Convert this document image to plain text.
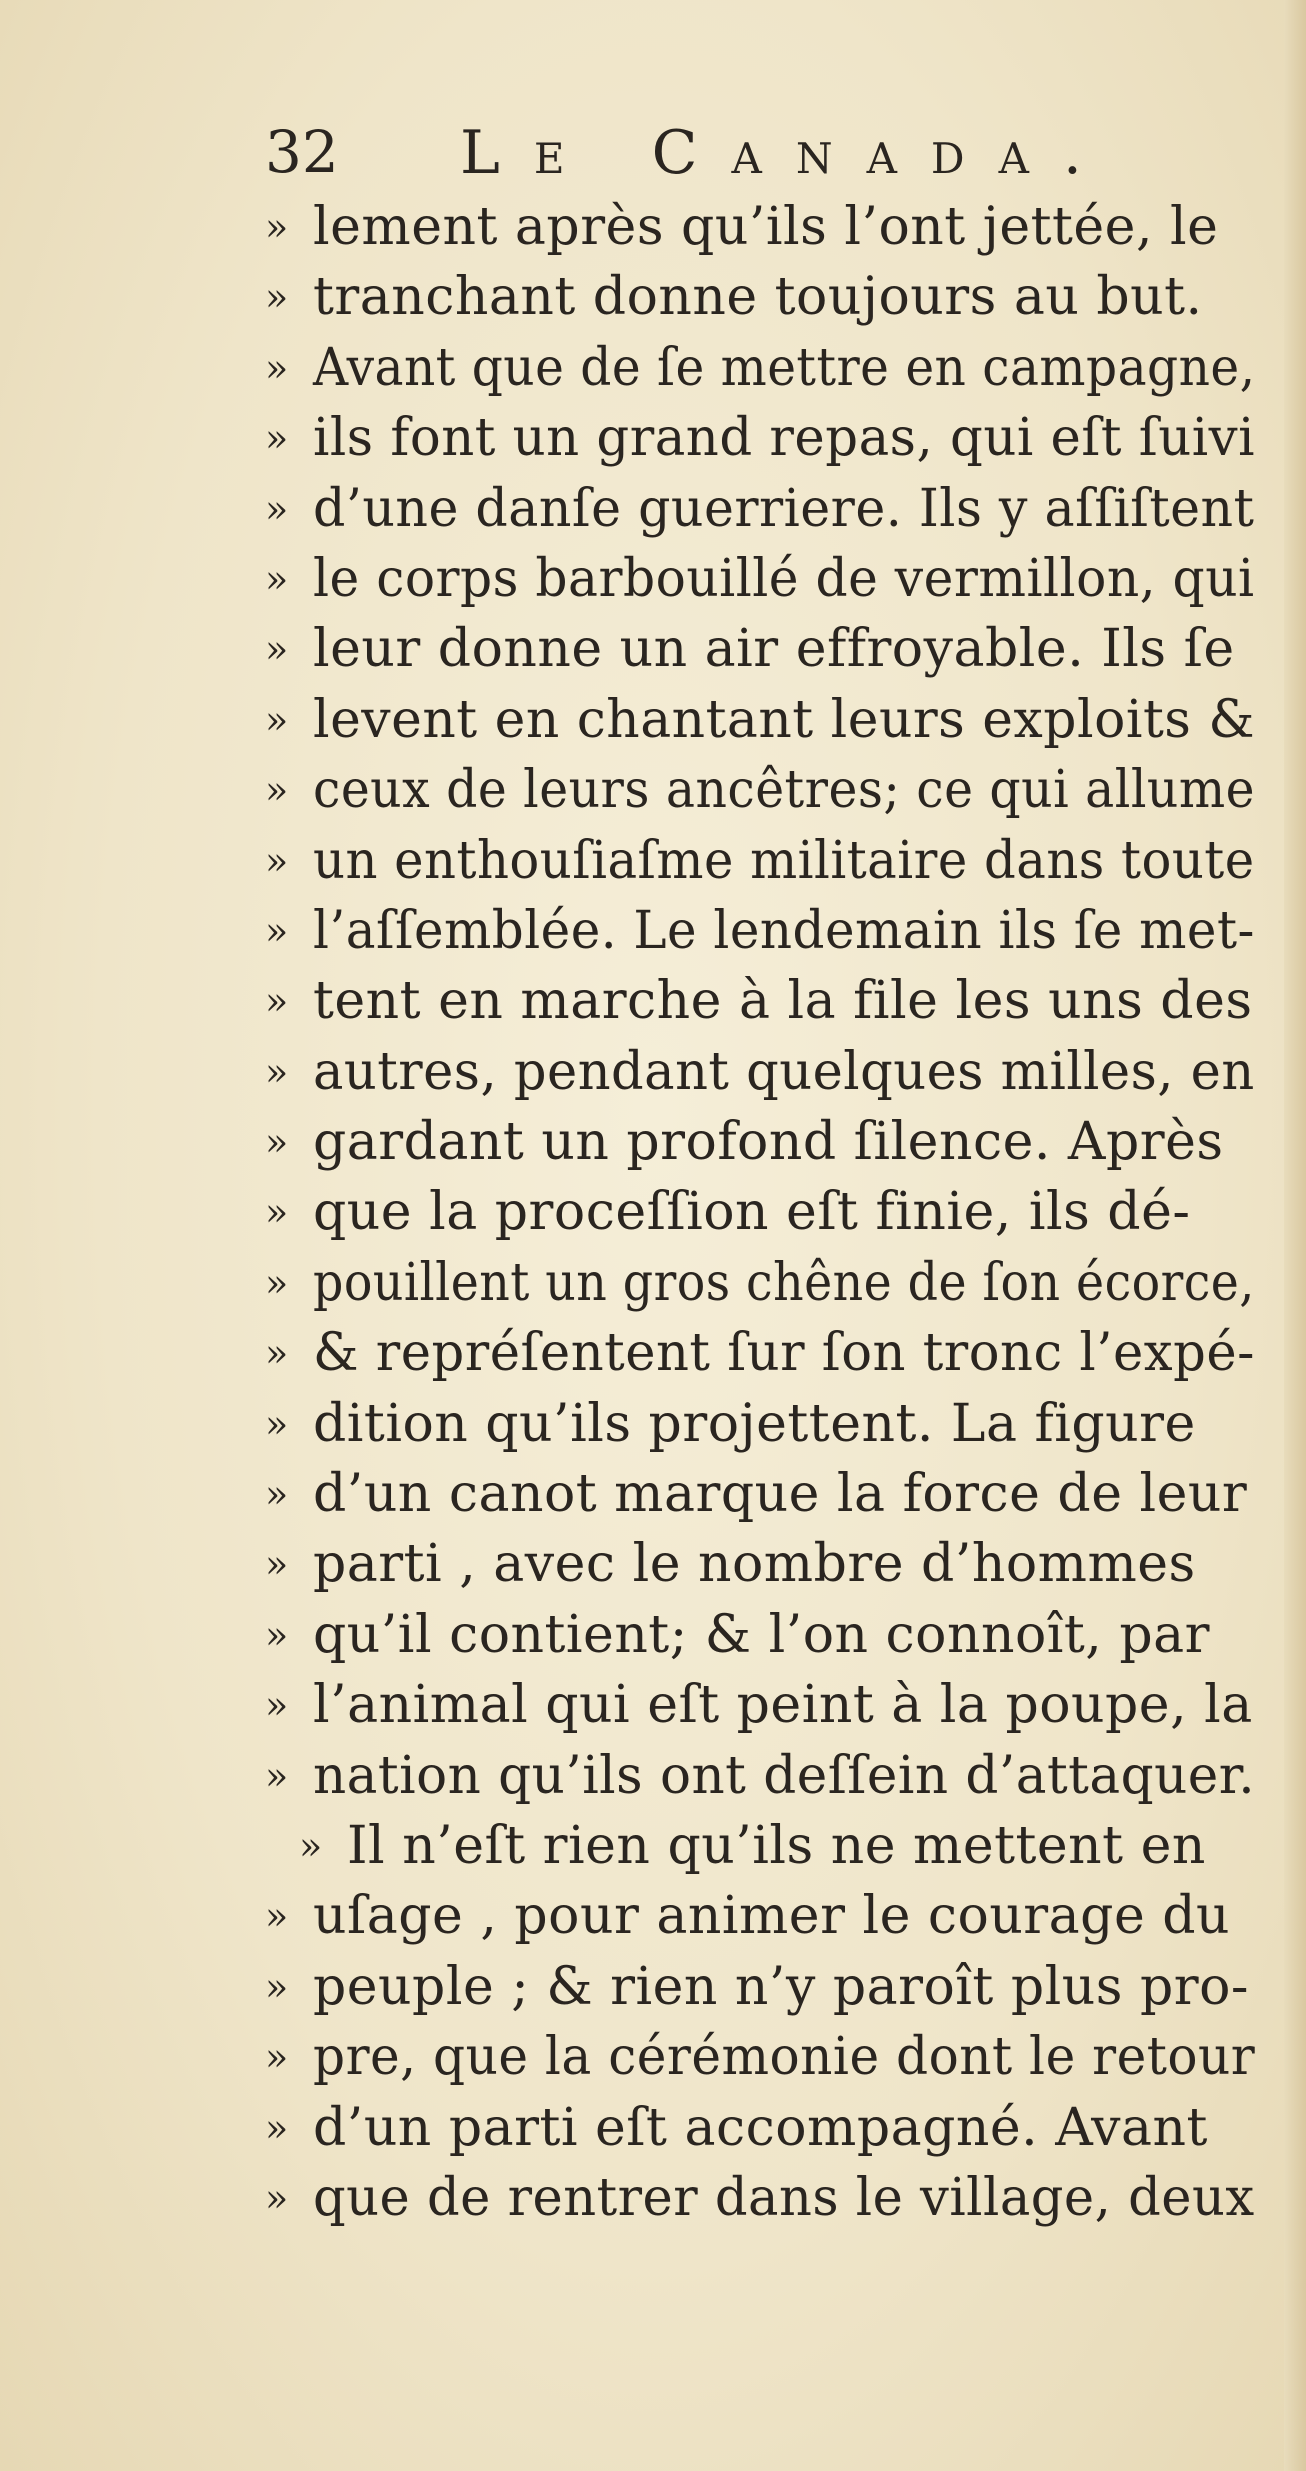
32 Le Canada.
» lement après qu’ils l’ont jettée, le
» tranchant donne toujours au but.
» Avant que de ſe mettre en campagne,
» ils font un grand repas, qui eſt ſuivi
» d’une danſe guerriere. Ils y aſſiſtent
» le corps barbouillé de vermillon, qui
» leur donne un air effroyable. Ils ſe
» levent en chantant leurs exploits &
» ceux de leurs ancêtres; ce qui allume
» un enthouſiaſme militaire dans toute
» l’aſſemblée. Le lendemain ils ſe met-
» tent en marche à la file les uns des
» autres, pendant quelques milles, en
» gardant un profond ſilence. Après
» que la proceſſion eſt finie, ils dé-
» pouillent un gros chêne de ſon écorce,
» & repréſentent ſur ſon tronc l’expé-
» dition qu’ils projettent. La figure
» d’un canot marque la force de leur
» parti , avec le nombre d’hommes
» qu’il contient; & l’on connoît, par
» l’animal qui eſt peint à la poupe, la
» nation qu’ils ont deſſein d’attaquer.
» Il n’eſt rien qu’ils ne mettent en
» uſage , pour animer le courage du
» peuple ; & rien n’y paroît plus pro-
» pre, que la cérémonie dont le retour
» d’un parti eſt accompagné. Avant
» que de rentrer dans le village, deux
